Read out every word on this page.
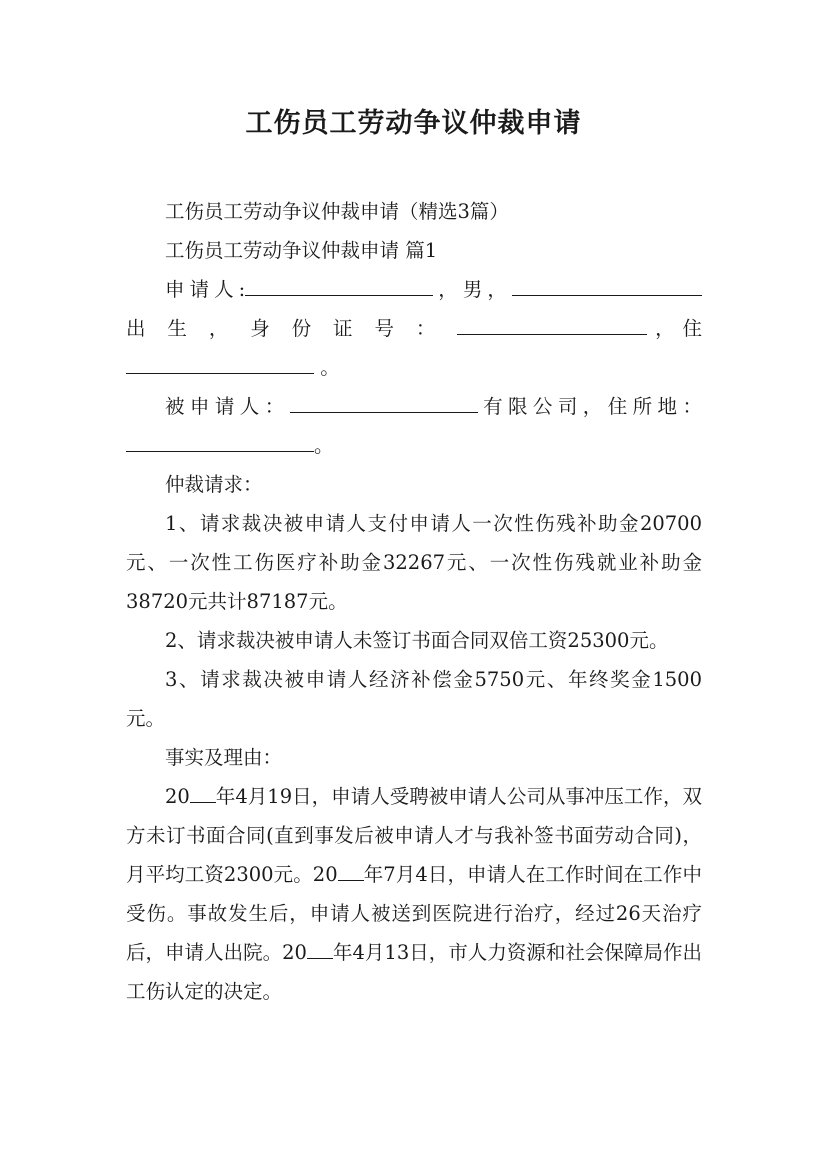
工伤员工劳动争议仲裁申请

工伤员工劳动争议仲裁申请（精选3篇）

工伤员工劳动争议仲裁申请 篇1

申请人:	，男，

出 生 ， 身 份 证 号 ：	，住

。

被申请人：	有限公司，住所地：

。

仲裁请求：

1、请求裁决被申请人支付申请人一次性伤残补助金20700元、一次性工伤医疗补助金32267元、一次性伤残就业补助金38720元共计87187元。

2、请求裁决被申请人未签订书面合同双倍工资25300元。

3、请求裁决被申请人经济补偿金5750元、年终奖金1500元。

事实及理由：

20 年4月19日，申请人受聘被申请人公司从事冲压工作，双方未订书面合同(直到事发后被申请人才与我补签书面劳动合同)，月平均工资2300元。20 年7月4日，申请人在工作时间在工作中受伤。事故发生后，申请人被送到医院进行治疗，经过26天治疗后，申请人出院。20 年4月13日，市人力资源和社会保障局作出工伤认定的决定。
